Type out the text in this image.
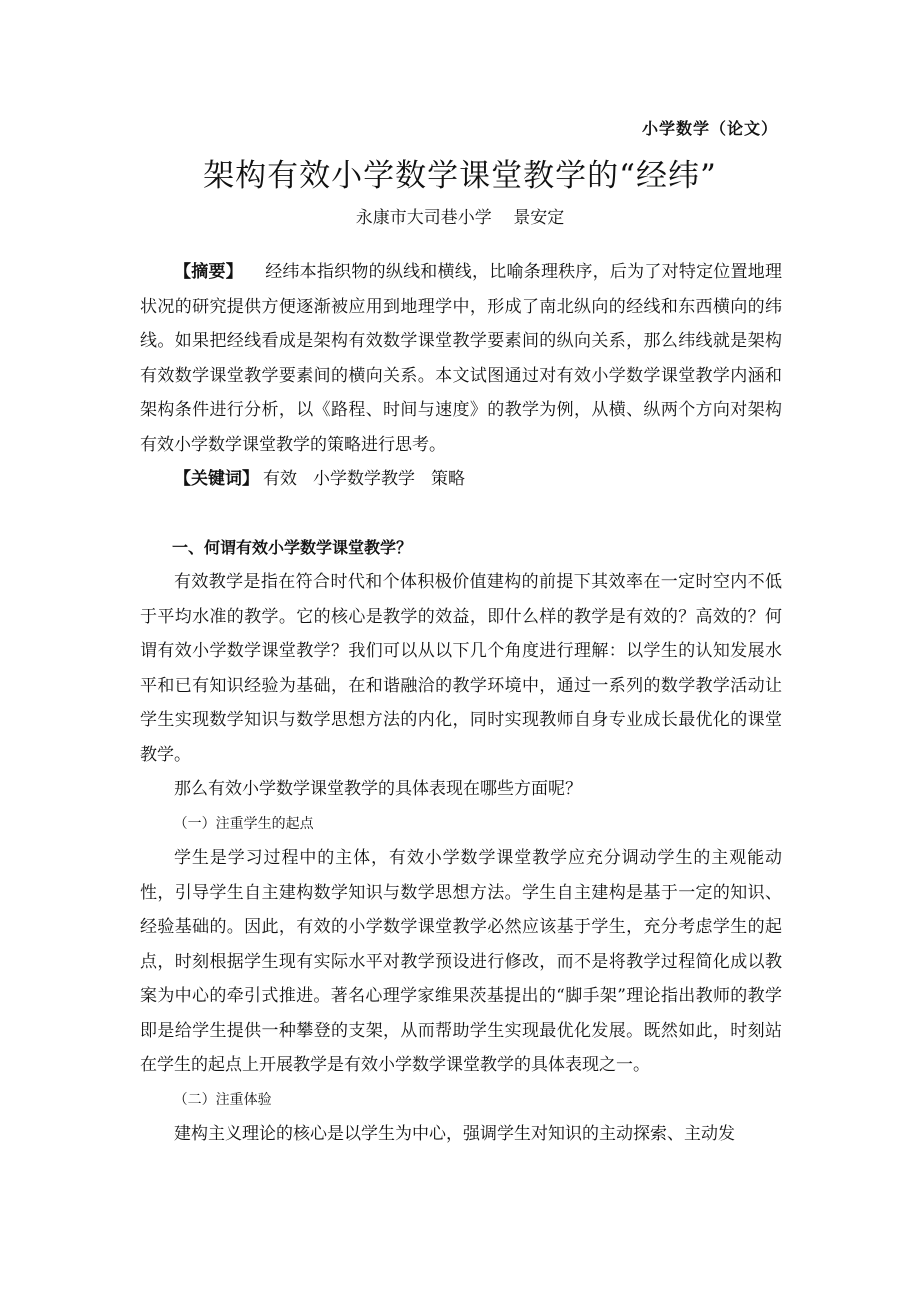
小学数学（论文）
架构有效小学数学课堂教学的“经纬”
永康市大司巷小学 景安定

【摘要】 经纬本指织物的纵线和横线，比喻条理秩序，后为了对特定位置地理状况的研究提供方便逐渐被应用到地理学中，形成了南北纵向的经线和东西横向的纬线。如果把经线看成是架构有效数学课堂教学要素间的纵向关系，那么纬线就是架构有效数学课堂教学要素间的横向关系。本文试图通过对有效小学数学课堂教学内涵和架构条件进行分析，以《路程、时间与速度》的教学为例，从横、纵两个方向对架构有效小学数学课堂教学的策略进行思考。

【关键词】 有效 小学数学教学 策略

一、何谓有效小学数学课堂教学？

有效教学是指在符合时代和个体积极价值建构的前提下其效率在一定时空内不低于平均水准的教学。它的核心是教学的效益，即什么样的教学是有效的？高效的？何谓有效小学数学课堂教学？我们可以从以下几个角度进行理解：以学生的认知发展水平和已有知识经验为基础，在和谐融洽的教学环境中，通过一系列的数学教学活动让学生实现数学知识与数学思想方法的内化，同时实现教师自身专业成长最优化的课堂教学。

那么有效小学数学课堂教学的具体表现在哪些方面呢？

（一）注重学生的起点

学生是学习过程中的主体，有效小学数学课堂教学应充分调动学生的主观能动性，引导学生自主建构数学知识与数学思想方法。学生自主建构是基于一定的知识、经验基础的。因此，有效的小学数学课堂教学必然应该基于学生，充分考虑学生的起点，时刻根据学生现有实际水平对教学预设进行修改，而不是将教学过程简化成以教案为中心的牵引式推进。著名心理学家维果茨基提出的“脚手架”理论指出教师的教学即是给学生提供一种攀登的支架，从而帮助学生实现最优化发展。既然如此，时刻站在学生的起点上开展教学是有效小学数学课堂教学的具体表现之一。

（二）注重体验

建构主义理论的核心是以学生为中心，强调学生对知识的主动探索、主动发
